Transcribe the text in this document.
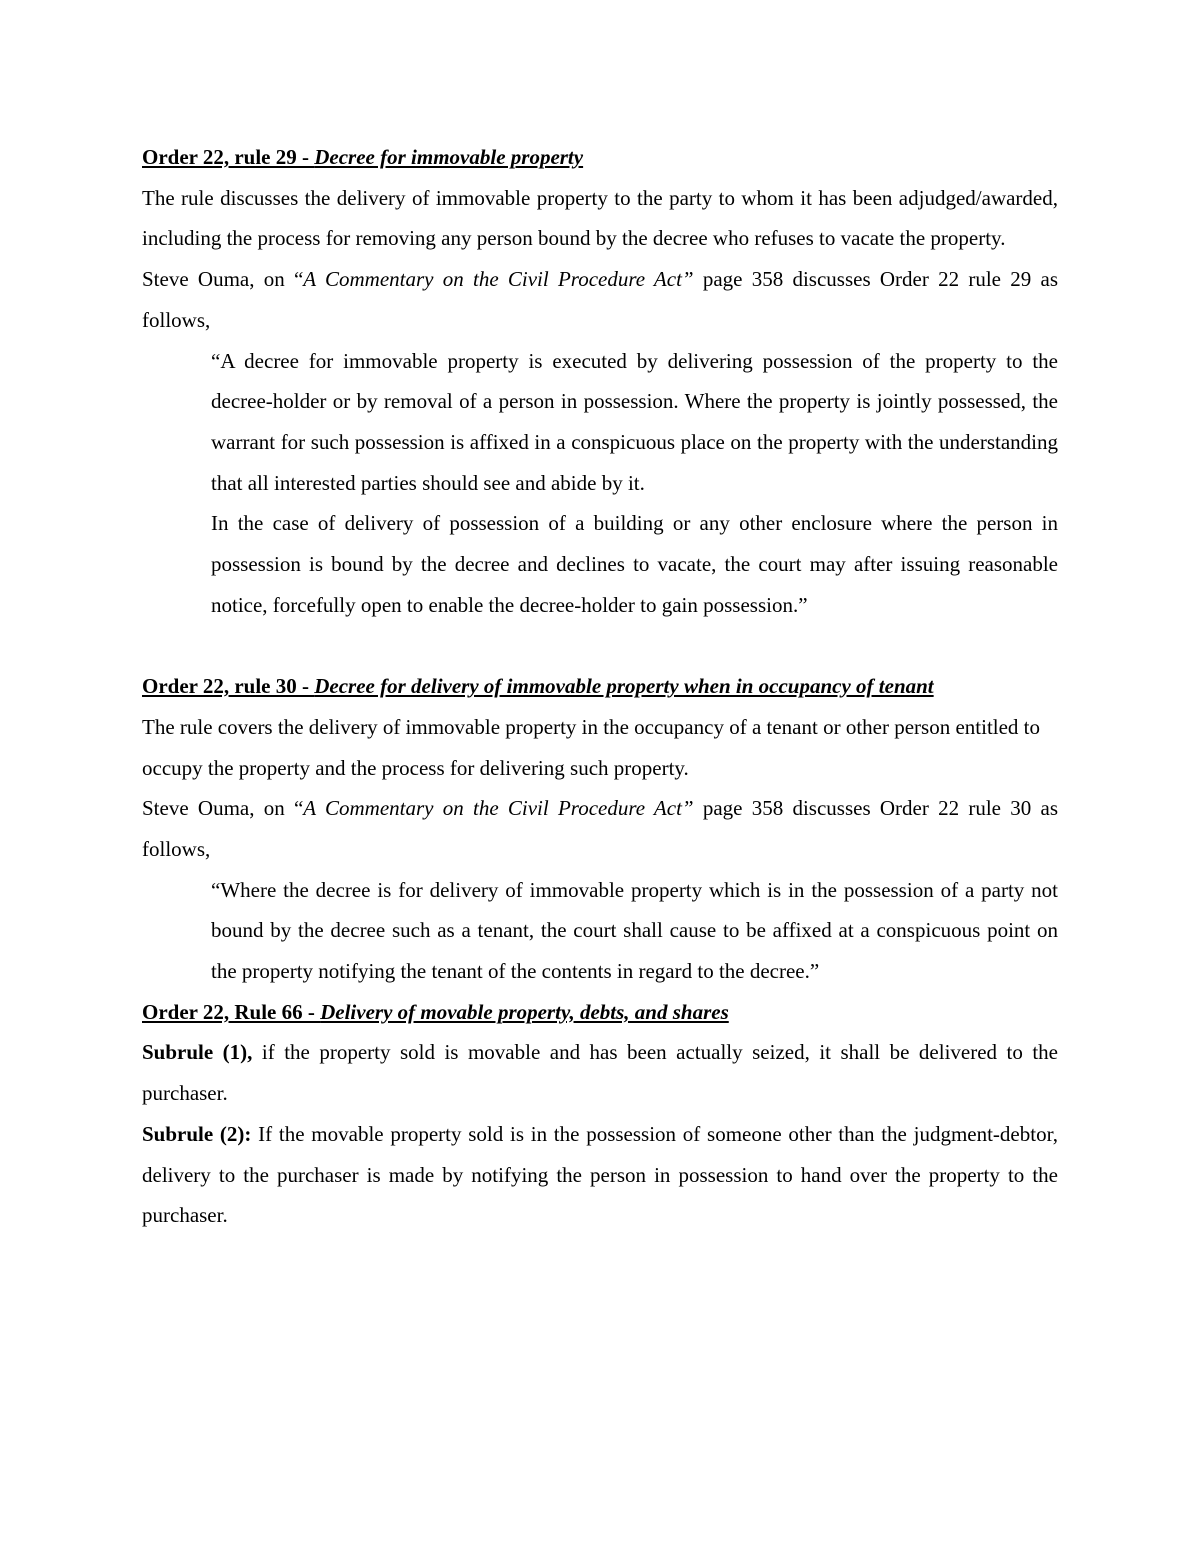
Order 22, rule 29 - Decree for immovable property

The rule discusses the delivery of immovable property to the party to whom it has been adjudged/awarded, including the process for removing any person bound by the decree who refuses to vacate the property.

Steve Ouma, on “A Commentary on the Civil Procedure Act” page 358 discusses Order 22 rule 29 as follows,

“A decree for immovable property is executed by delivering possession of the property to the decree-holder or by removal of a person in possession. Where the property is jointly possessed, the warrant for such possession is affixed in a conspicuous place on the property with the understanding that all interested parties should see and abide by it.

In the case of delivery of possession of a building or any other enclosure where the person in possession is bound by the decree and declines to vacate, the court may after issuing reasonable notice, forcefully open to enable the decree-holder to gain possession.”

Order 22, rule 30 - Decree for delivery of immovable property when in occupancy of tenant

The rule covers the delivery of immovable property in the occupancy of a tenant or other person entitled to occupy the property and the process for delivering such property.

Steve Ouma, on “A Commentary on the Civil Procedure Act” page 358 discusses Order 22 rule 30 as follows,

“Where the decree is for delivery of immovable property which is in the possession of a party not bound by the decree such as a tenant, the court shall cause to be affixed at a conspicuous point on the property notifying the tenant of the contents in regard to the decree.”

Order 22, Rule 66 - Delivery of movable property, debts, and shares

Subrule (1), if the property sold is movable and has been actually seized, it shall be delivered to the purchaser.

Subrule (2): If the movable property sold is in the possession of someone other than the judgment-debtor, delivery to the purchaser is made by notifying the person in possession to hand over the property to the purchaser.
